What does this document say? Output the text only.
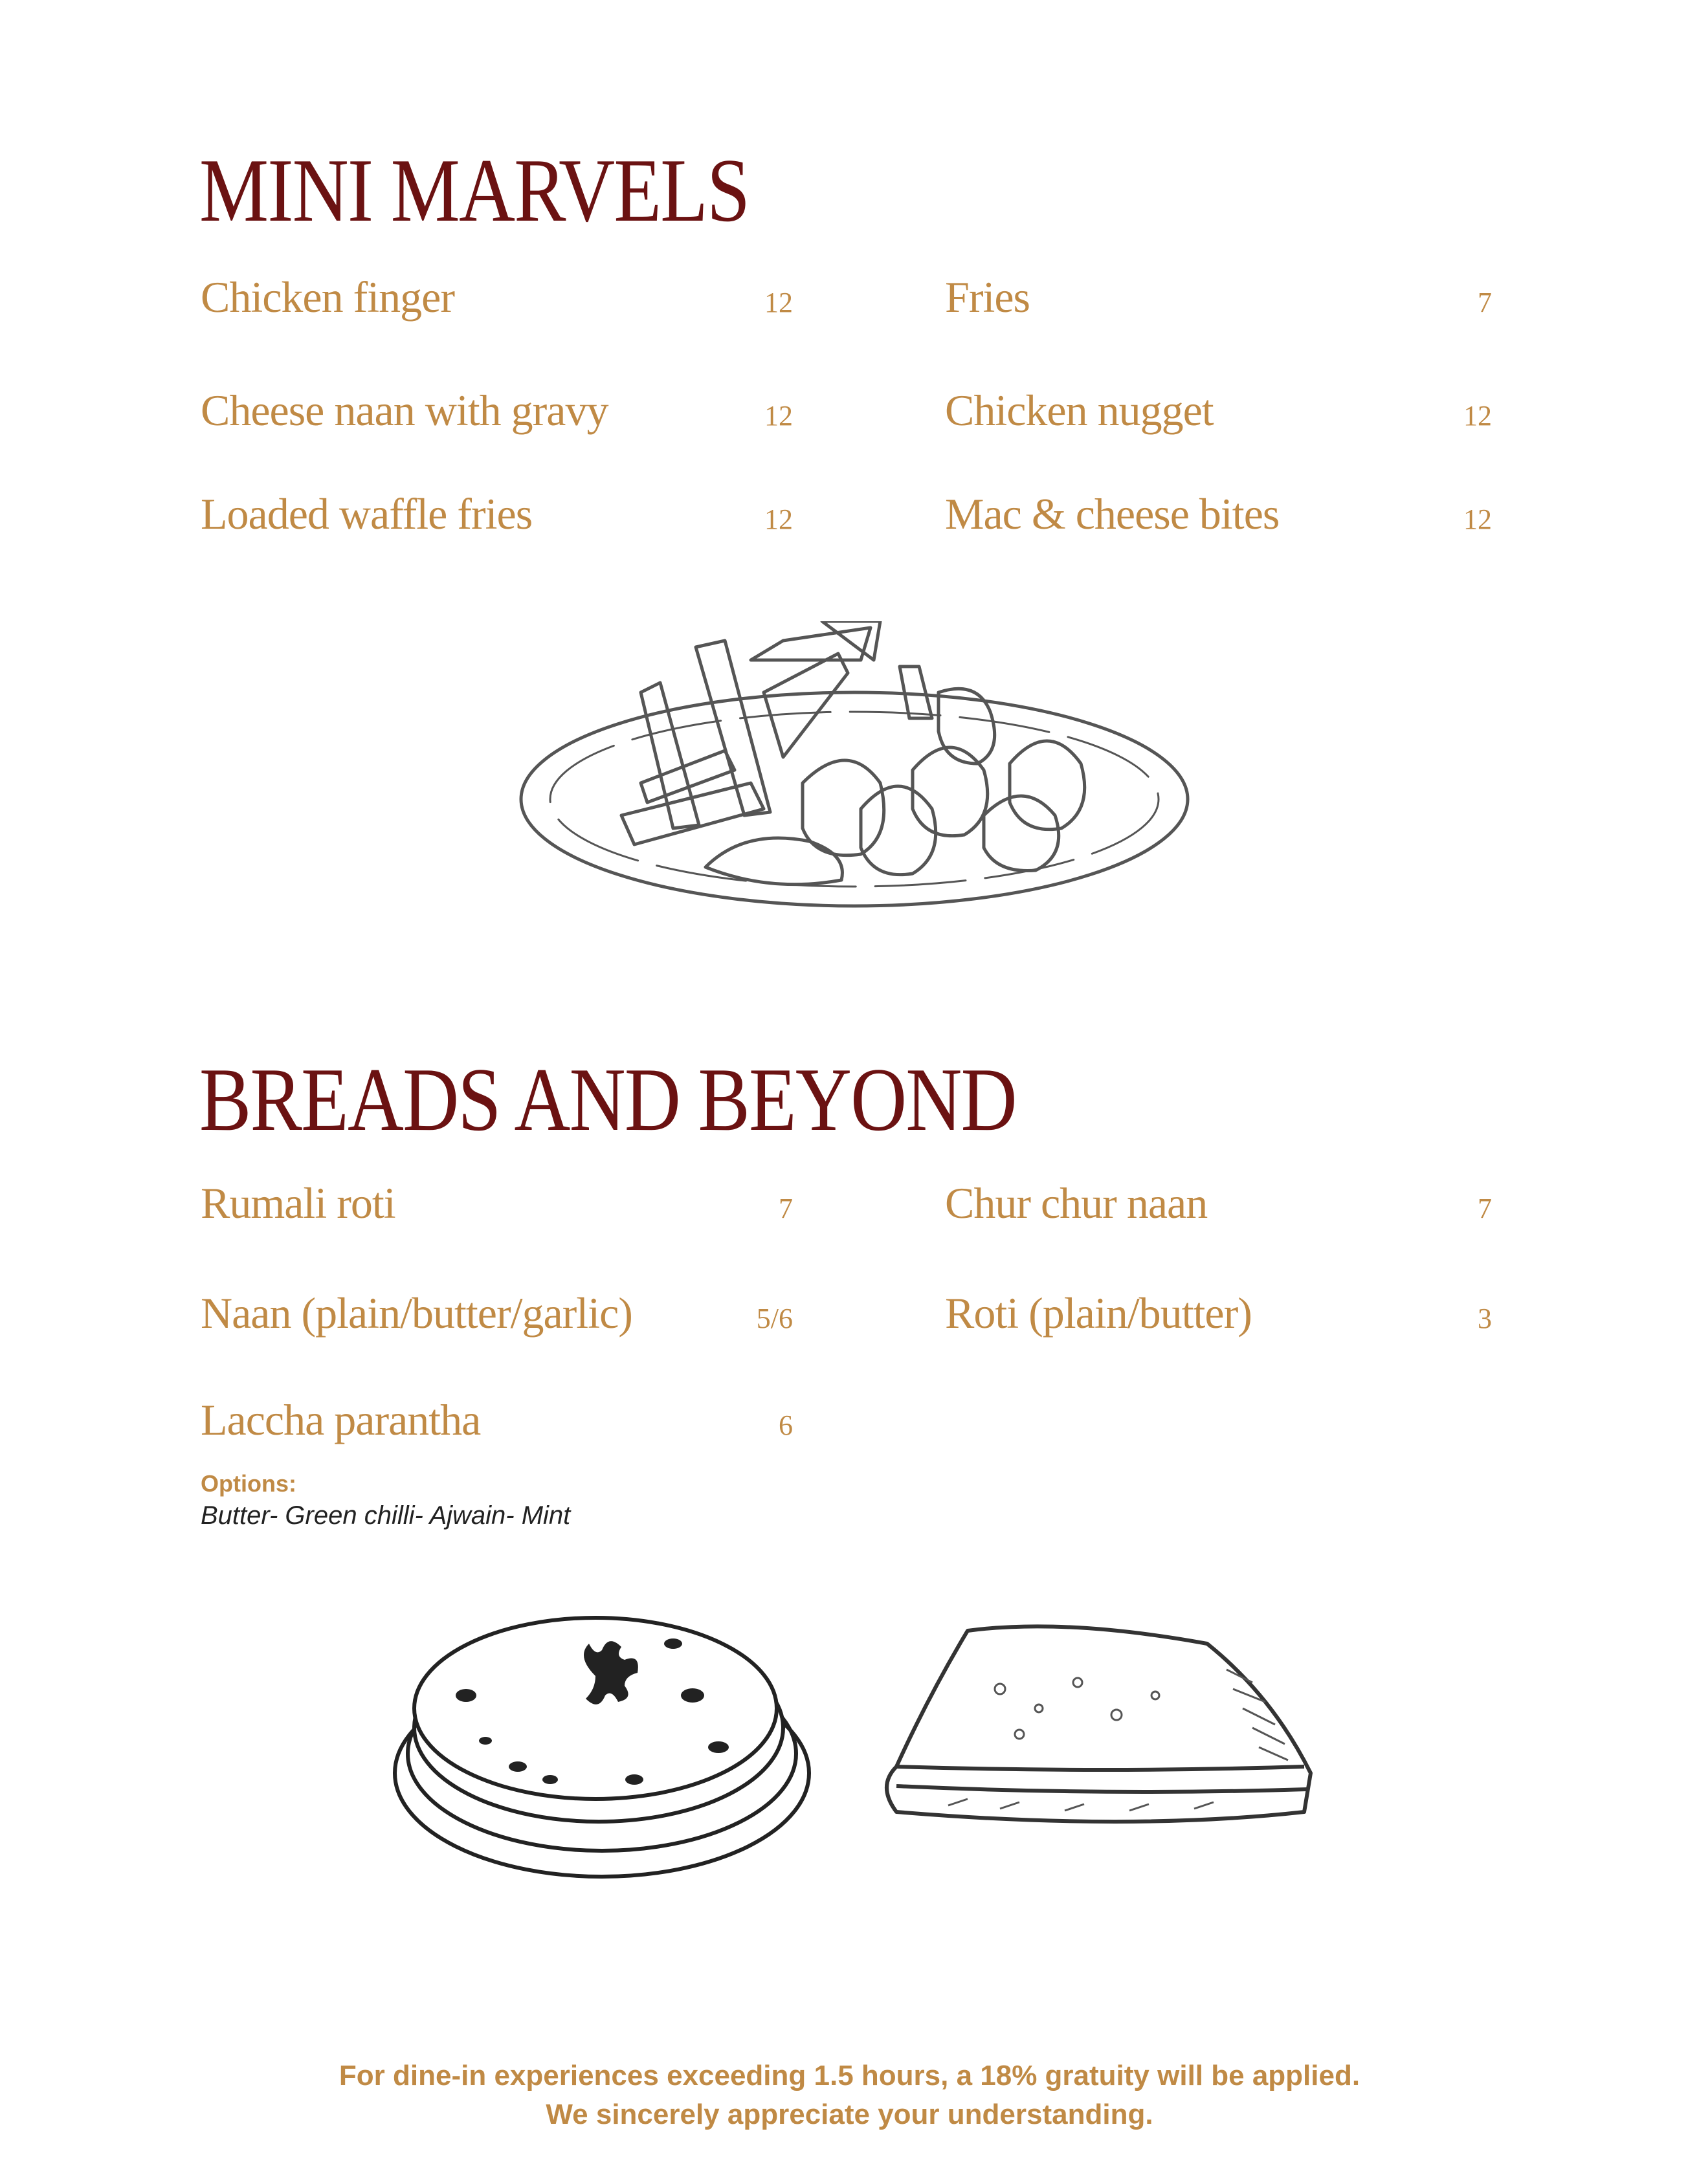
MINI MARVELS
Chicken finger	12	Fries	7
Cheese naan with gravy	12	Chicken nugget	12
Loaded waffle fries	12	Mac & cheese bites	12
BREADS AND BEYOND
Rumali roti	7	Chur chur naan	7
Naan (plain/butter/garlic)	5/6	Roti (plain/butter)	3
Laccha parantha	6
Options:
Butter- Green chilli- Ajwain- Mint
For dine-in experiences exceeding 1.5 hours, a 18% gratuity will be applied.
We sincerely appreciate your understanding.
